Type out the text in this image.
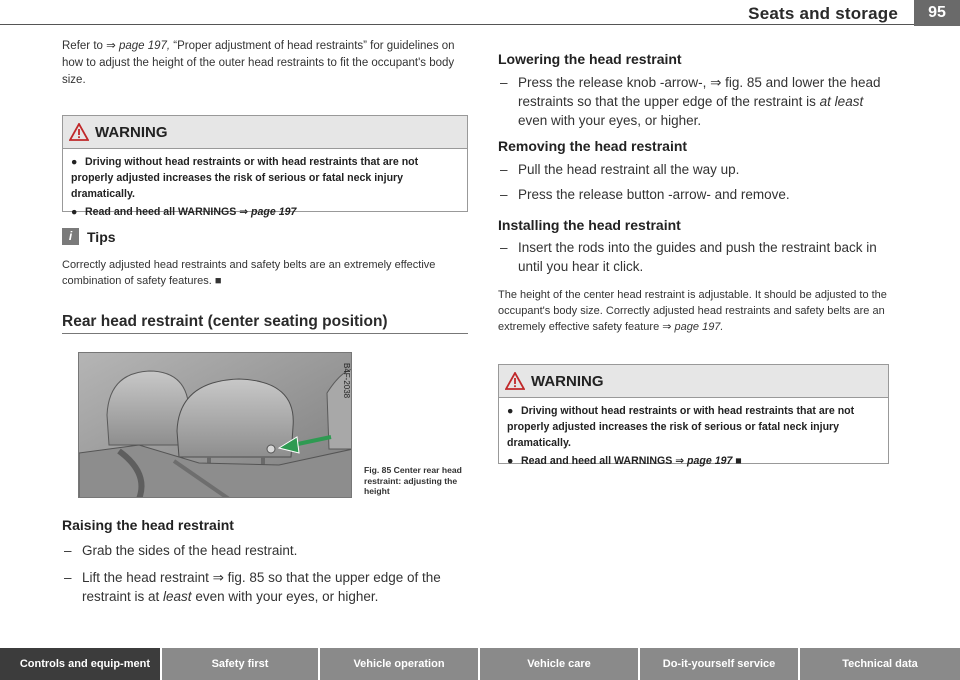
Seats and storage	95
Refer to ⇒ page 197, “Proper adjustment of head restraints” for guidelines on how to adjust the height of the outer head restraints to fit the occupant's body size.
WARNING

● Driving without head restraints or with head restraints that are not properly adjusted increases the risk of serious or fatal neck injury dramatically.

● Read and heed all WARNINGS ⇒ page 197

i	Tips
Correctly adjusted head restraints and safety belts are an extremely effective combination of safety features. ■
Rear head restraint (center seating position)
B4F-2038
Fig. 85 Center rear head restraint: adjusting the height
Raising the head restraint
– Grab the sides of the head restraint.
– Lift the head restraint ⇒ fig. 85 so that the upper edge of the restraint is at least even with your eyes, or higher.
Lowering the head restraint
– Press the release knob -arrow-, ⇒ fig. 85 and lower the head restraints so that the upper edge of the restraint is at least even with your eyes, or higher.
Removing the head restraint
– Pull the head restraint all the way up.
– Press the release button -arrow- and remove.
Installing the head restraint
– Insert the rods into the guides and push the restraint back in until you hear it click.
The height of the center head restraint is adjustable. It should be adjusted to the occupant's body size. Correctly adjusted head restraints and safety belts are an extremely effective safety feature ⇒ page 197.
WARNING

● Driving without head restraints or with head restraints that are not properly adjusted increases the risk of serious or fatal neck injury dramatically.

● Read and heed all WARNINGS ⇒ page 197 ■

Controls and equip-ment	Safety first	Vehicle operation	Vehicle care	Do-it-yourself service	Technical data
